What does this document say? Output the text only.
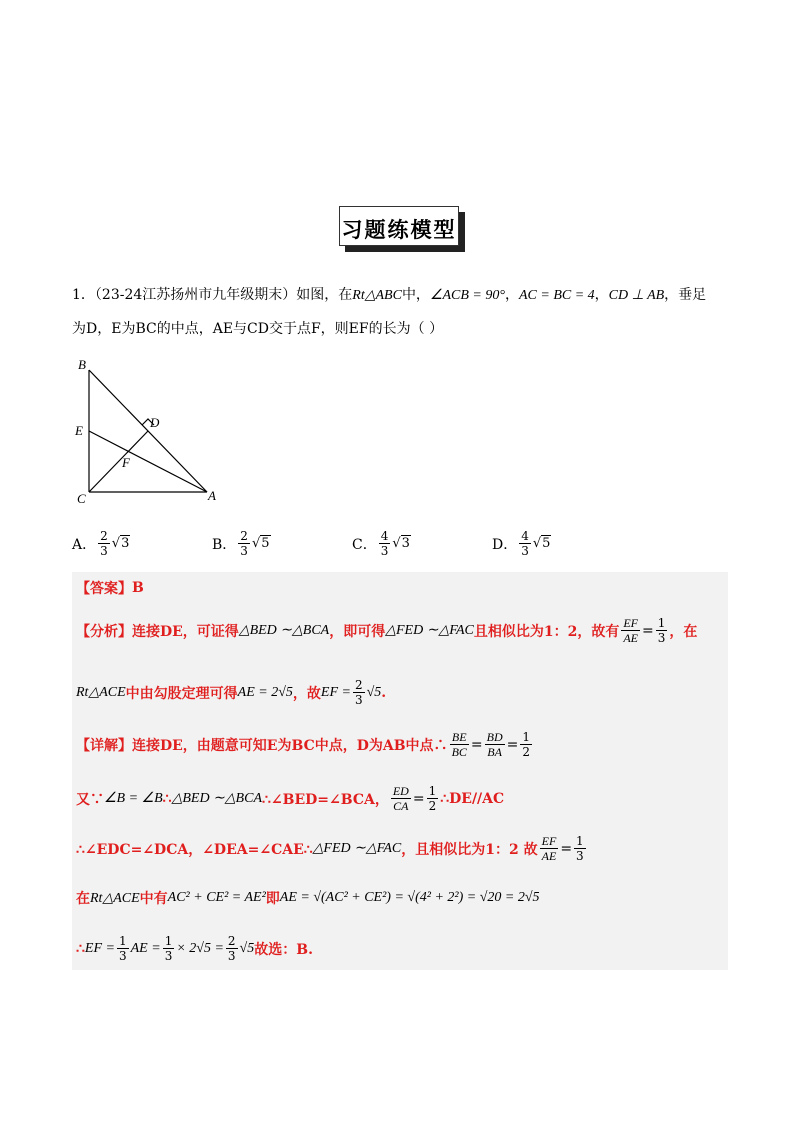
习题练模型
1．（23-24江苏扬州市九年级期末）如图，在Rt△ABC中，∠ACB = 90°，AC = BC = 4，CD ⊥ AB，垂足
为D，E为BC的中点，AE与CD交于点F，则EF的长为（ ）
B
E
C
D
F
A
A． $\frac{2}{3} √3$	B． $\frac{2}{3} √5$	C． $\frac{4}{3} √3$	D． $\frac{4}{3} √5$
【答案】 B
【分析】 连接DE，可证得 △BED ∼△BCA ，即可得 △FED ∼△FAC 且相似比为1：2，故有 $\frac{EF}{AE} = \frac{1}{3}$ ，在
Rt△ACE 中由勾股定理可得 AE = 2√5 ，故 EF = $\frac{2}{3} √5$ .
【详解】 连接DE，由题意可知E为BC中点，D为AB中点∴ $\frac{BE}{BC} = \frac{BD}{BA} = \frac{1}{2}$
又∵ ∠B = ∠B ∴ △BED ∼△BCA ∴∠BED=∠BCA， $\frac{ED}{CA} = \frac{1}{2}$ ∴DE//AC
∴∠EDC=∠DCA，∠DEA=∠CAE∴ △FED ∼△FAC ，且相似比为1：2 故 $\frac{EF}{AE} = \frac{1}{3}$
在 Rt△ACE 中有 AC² + CE² = AE² 即 AE = √(AC² + CE²) = √(4² + 2²) = √20 = 2√5
∴ EF = $\frac{1}{3}$ AE = $\frac{1}{3} \times 2√5 = \frac{2}{3} √5$ 故选：B.
